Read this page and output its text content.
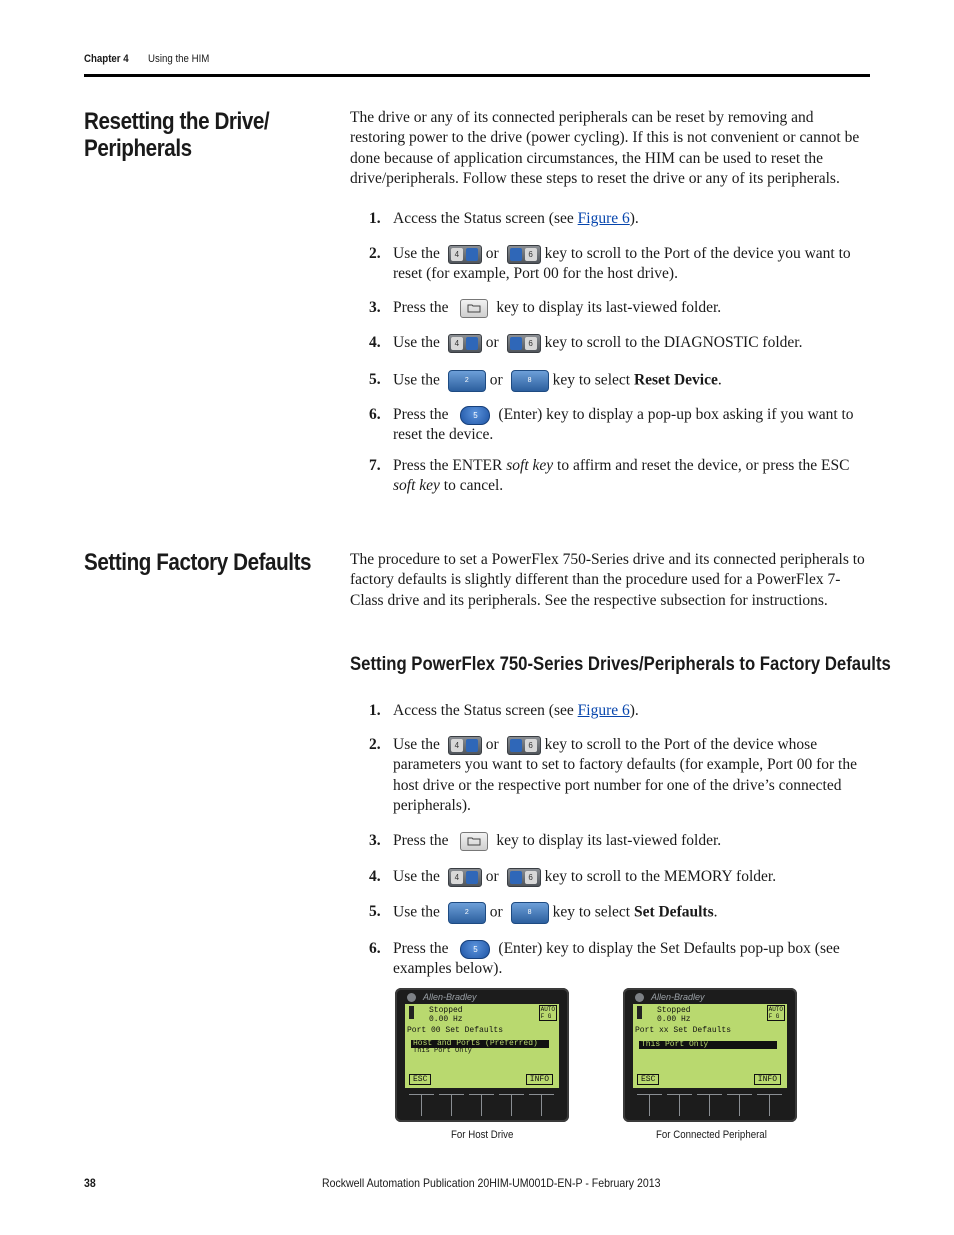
Chapter 4 Using the HIM
Resetting the Drive/
Peripherals
The drive or any of its connected peripherals can be reset by removing and restoring power to the drive (power cycling). If this is not convenient or cannot be done because of application circumstances, the HIM can be used to reset the drive/peripherals. Follow these steps to reset the drive or any of its peripherals.
1. Access the Status screen (see Figure 6).
2. Use the	4 or	6 key to scroll to the Port of the device you want to reset (for example, Port 00 for the host drive).
3. Press the	key to display its last-viewed folder.
4. Use the	4 or	6 key to scroll to the DIAGNOSTIC folder.
5. Use the	2	or	8	key to select Reset Device.
6. Press the	5 (Enter) key to display a pop-up box asking if you want to reset the device.
7. Press the ENTER soft key to affirm and reset the device, or press the ESC soft key to cancel.
Setting Factory Defaults	The procedure to set a PowerFlex 750-Series drive and its connected peripherals to factory defaults is slightly different than the procedure used for a PowerFlex 7-Class drive and its peripherals. See the respective subsection for instructions.
Setting PowerFlex 750-Series Drives/Peripherals to Factory Defaults
1. Access the Status screen (see Figure 6).
2. Use the	4 or	6 key to scroll to the Port of the device whose parameters you want to set to factory defaults (for example, Port 00 for the host drive or the respective port number for one of the drive’s connected peripherals).
3. Press the	key to display its last-viewed folder.
4. Use the	4 or	6 key to scroll to the MEMORY folder.
5. Use the	2	or	8	key to select Set Defaults.
6. Press the	5 (Enter) key to display the Set Defaults pop-up box (see examples below).
Allen-Bradley
Stopped
0.00 Hz
AUTO
F G
Port 00 Set Defaults
Host and Ports (Preferred)
This Port Only
ESC	INFO
For Host Drive
Allen-Bradley
Stopped
0.00 Hz
AUTO
F G
Port xx Set Defaults
This Port Only
ESC	INFO
For Connected Peripheral
38	Rockwell Automation Publication 20HIM-UM001D-EN-P - February 2013
